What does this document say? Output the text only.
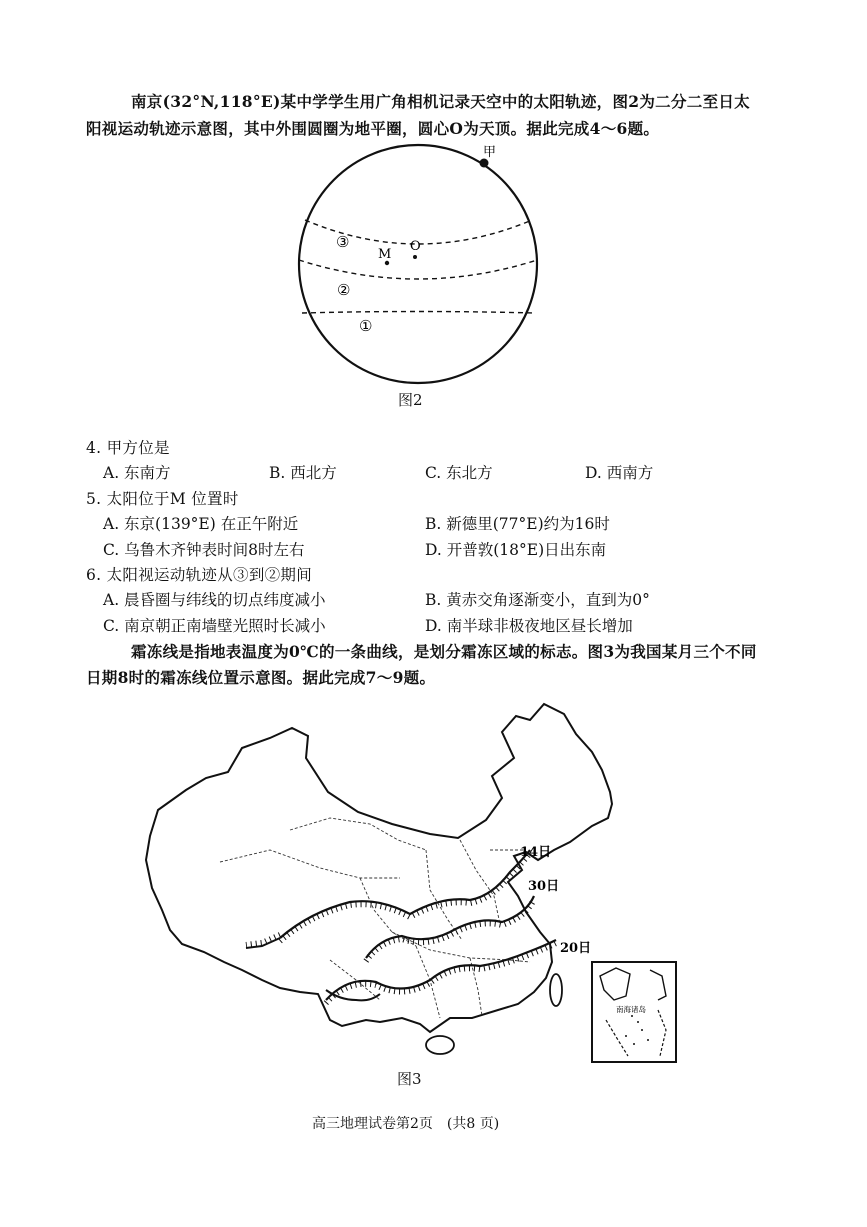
南京(32°N,118°E)某中学学生用广角相机记录天空中的太阳轨迹，图2为二分二至日太
阳视运动轨迹示意图，其中外围圆圈为地平圈，圆心O为天顶。据此完成4～6题。
甲
O
M
③
②
①
图2
4. 甲方位是
A. 东南方	B. 西北方	C. 东北方	D. 西南方
5. 太阳位于M 位置时
A. 东京(139°E) 在正午附近	B. 新德里(77°E)约为16时
C. 乌鲁木齐钟表时间8时左右	D. 开普敦(18°E)日出东南
6. 太阳视运动轨迹从③到②期间
A. 晨昏圈与纬线的切点纬度减小	B. 黄赤交角逐渐变小，直到为0°
C. 南京朝正南墙壁光照时长减小	D. 南半球非极夜地区昼长增加
霜冻线是指地表温度为0℃的一条曲线，是划分霜冻区域的标志。图3为我国某月三个不同
日期8时的霜冻线位置示意图。据此完成7～9题。
14日
30日
20日
南海诸岛
图3
高三地理试卷第2页　(共8 页)
